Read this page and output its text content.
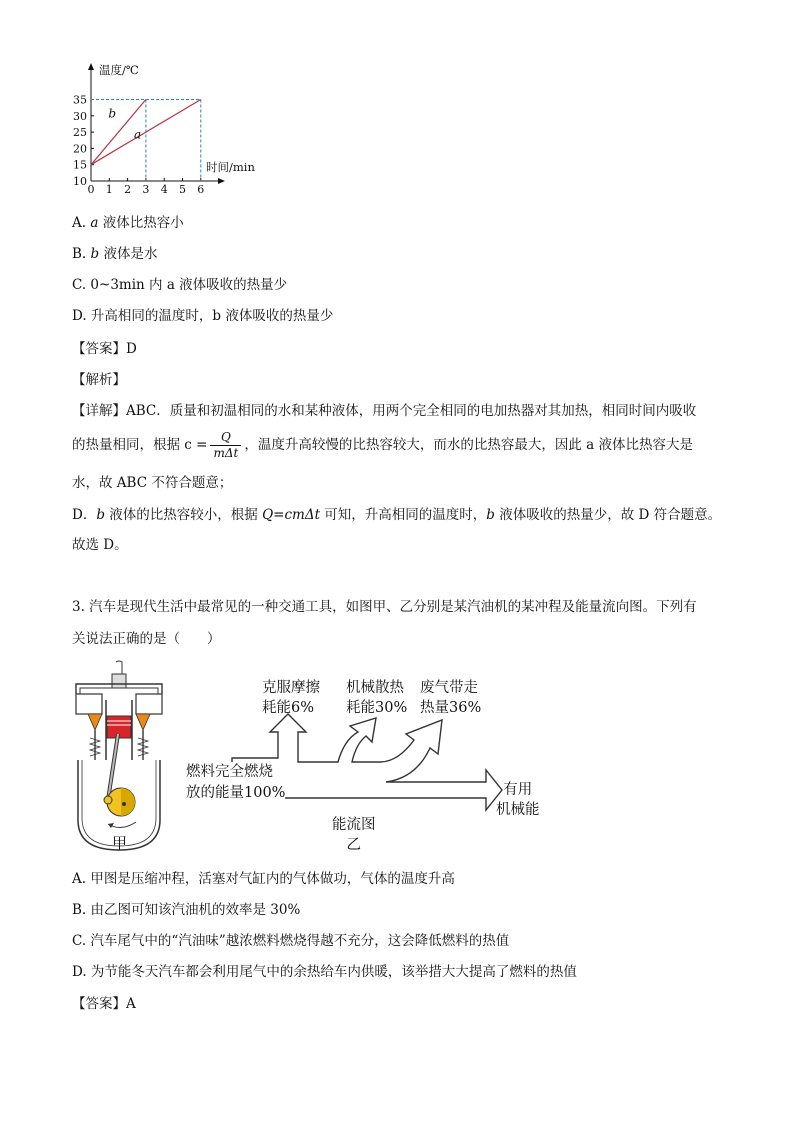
0 1 2 3 4 5 6
10
15
20
25
30
35
b
a
温度/℃
时间/min
A. a 液体比热容小
B. b 液体是水
C. 0~3min 内 a 液体吸收的热量少
D. 升高相同的温度时，b 液体吸收的热量少
【答案】D
【解析】
【详解】ABC．质量和初温相同的水和某种液体，用两个完全相同的电加热器对其加热，相同时间内吸收
的热量相同，根据 $c = \frac{Q}{\text{mΔt}}$ ，温度升高较慢的比热容较大，而水的比热容最大，因此 a 液体比热容大是
水，故 ABC 不符合题意；
D．b 液体的比热容较小，根据 Q=cmΔt 可知，升高相同的温度时，b 液体吸收的热量少，故 D 符合题意。
故选 D。
3. 汽车是现代生活中最常见的一种交通工具，如图甲、乙分别是某汽油机的某冲程及能量流向图。下列有
关说法正确的是（　　）
甲
克服摩擦
耗能6%
机械散热
耗能30%
废气带走
热量36%
燃料完全燃烧
放的能量100%	有用
机械能
能流图
乙
A. 甲图是压缩冲程，活塞对气缸内的气体做功，气体的温度升高
B. 由乙图可知该汽油机的效率是 30%
C. 汽车尾气中的“汽油味”越浓燃料燃烧得越不充分，这会降低燃料的热值
D. 为节能冬天汽车都会利用尾气中的余热给车内供暖，该举措大大提高了燃料的热值
【答案】A
